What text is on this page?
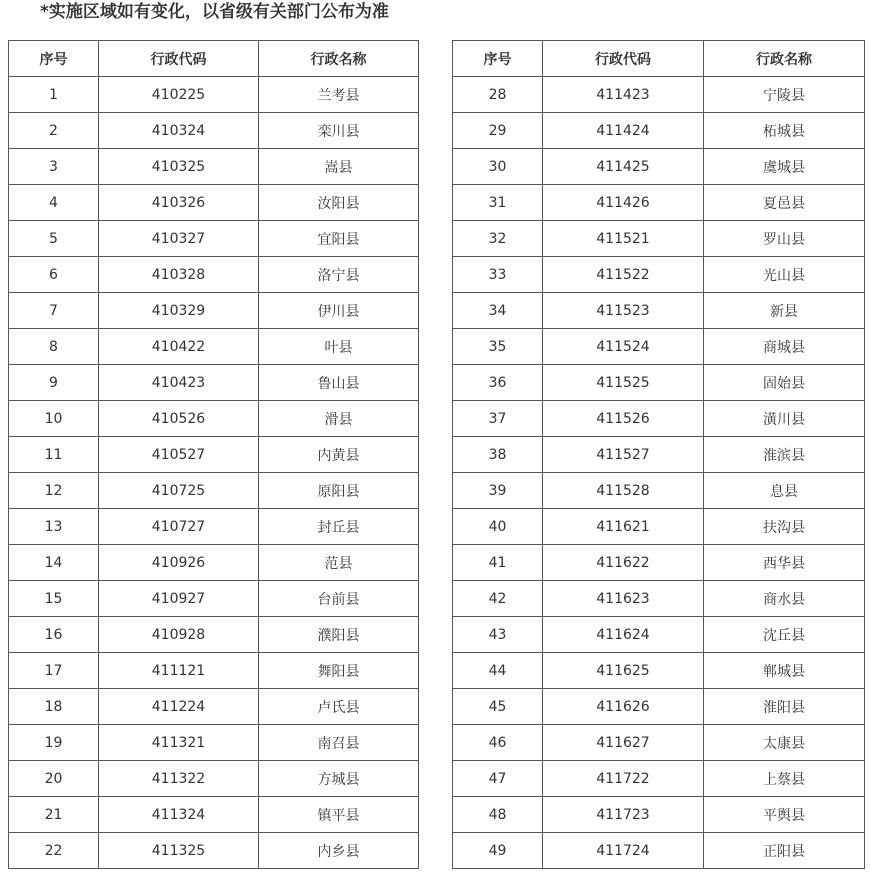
*实施区域如有变化，以省级有关部门公布为准
序号	行政代码	行政名称
1	410225	兰考县
2	410324	栾川县
3	410325	嵩县
4	410326	汝阳县
5	410327	宜阳县
6	410328	洛宁县
7	410329	伊川县
8	410422	叶县
9	410423	鲁山县
10	410526	滑县
11	410527	内黄县
12	410725	原阳县
13	410727	封丘县
14	410926	范县
15	410927	台前县
16	410928	濮阳县
17	411121	舞阳县
18	411224	卢氏县
19	411321	南召县
20	411322	方城县
21	411324	镇平县
22	411325	内乡县
序号	行政代码	行政名称
28	411423	宁陵县
29	411424	柘城县
30	411425	虞城县
31	411426	夏邑县
32	411521	罗山县
33	411522	光山县
34	411523	新县
35	411524	商城县
36	411525	固始县
37	411526	潢川县
38	411527	淮滨县
39	411528	息县
40	411621	扶沟县
41	411622	西华县
42	411623	商水县
43	411624	沈丘县
44	411625	郸城县
45	411626	淮阳县
46	411627	太康县
47	411722	上蔡县
48	411723	平舆县
49	411724	正阳县
